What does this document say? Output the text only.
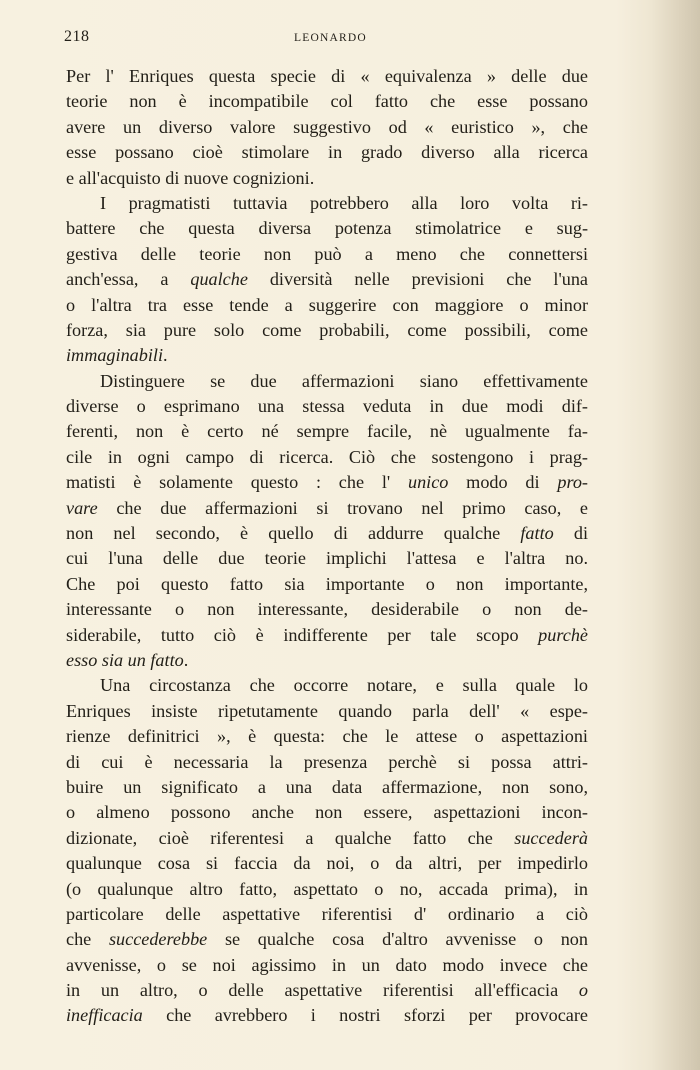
218	LEONARDO
Per l' Enriques questa specie di « equivalenza » delle due
teorie non è incompatibile col fatto che esse possano
avere un diverso valore suggestivo od « euristico », che
esse possano cioè stimolare in grado diverso alla ricerca
e all'acquisto di nuove cognizioni.
I pragmatisti tuttavia potrebbero alla loro volta ri-
battere che questa diversa potenza stimolatrice e sug-
gestiva delle teorie non può a meno che connettersi
anch'essa, a qualche diversità nelle previsioni che l'una
o l'altra tra esse tende a suggerire con maggiore o minor
forza, sia pure solo come probabili, come possibili, come
immaginabili.
Distinguere se due affermazioni siano effettivamente
diverse o esprimano una stessa veduta in due modi dif-
ferenti, non è certo né sempre facile, nè ugualmente fa-
cile in ogni campo di ricerca. Ciò che sostengono i prag-
matisti è solamente questo : che l' unico modo di pro-
vare che due affermazioni si trovano nel primo caso, e
non nel secondo, è quello di addurre qualche fatto di
cui l'una delle due teorie implichi l'attesa e l'altra no.
Che poi questo fatto sia importante o non importante,
interessante o non interessante, desiderabile o non de-
siderabile, tutto ciò è indifferente per tale scopo purchè
esso sia un fatto.
Una circostanza che occorre notare, e sulla quale lo
Enriques insiste ripetutamente quando parla dell' « espe-
rienze definitrici », è questa: che le attese o aspettazioni
di cui è necessaria la presenza perchè si possa attri-
buire un significato a una data affermazione, non sono,
o almeno possono anche non essere, aspettazioni incon-
dizionate, cioè riferentesi a qualche fatto che succederà
qualunque cosa si faccia da noi, o da altri, per impedirlo
(o qualunque altro fatto, aspettato o no, accada prima), in
particolare delle aspettative riferentisi d' ordinario a ciò
che succederebbe se qualche cosa d'altro avvenisse o non
avvenisse, o se noi agissimo in un dato modo invece che
in un altro, o delle aspettative riferentisi all'efficacia o
inefficacia che avrebbero i nostri sforzi per provocare
